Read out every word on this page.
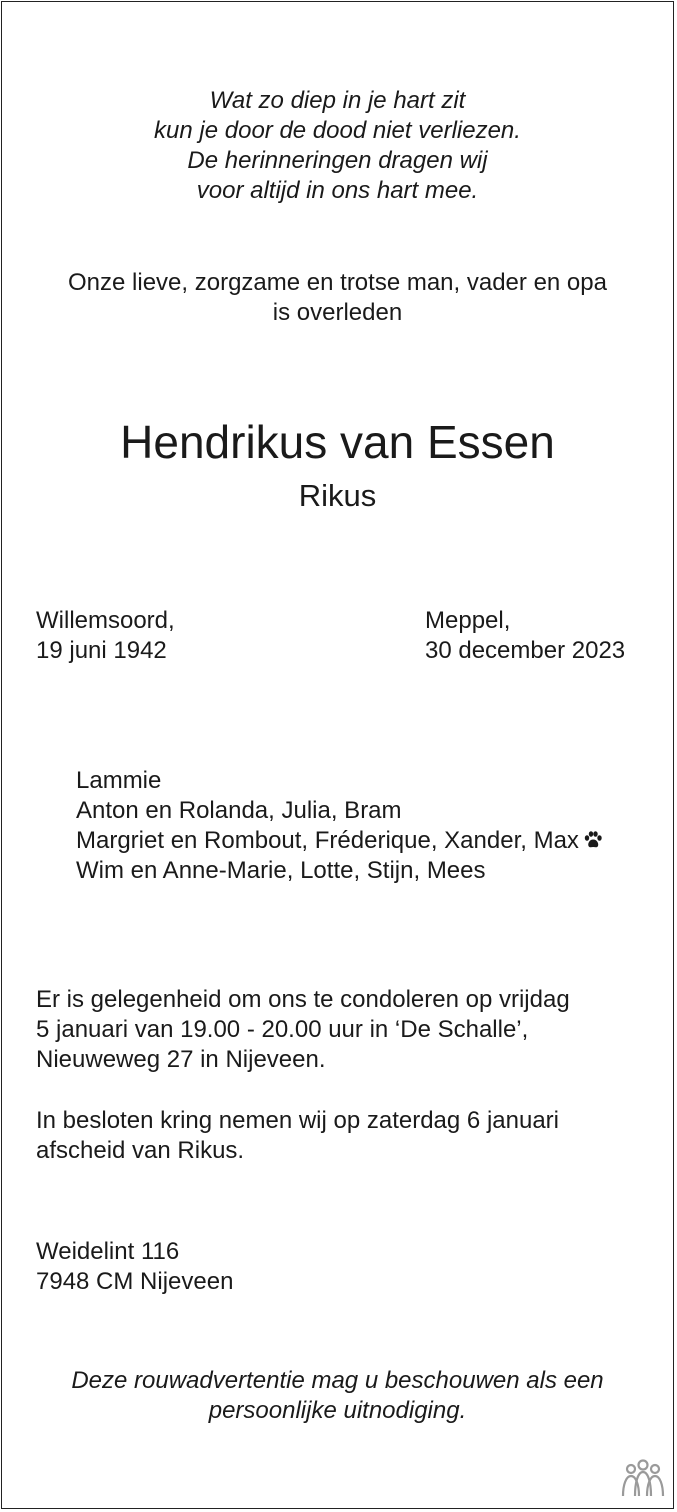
Wat zo diep in je hart zit
kun je door de dood niet verliezen.
De herinneringen dragen wij
voor altijd in ons hart mee.
Onze lieve, zorgzame en trotse man, vader en opa
is overleden
Hendrikus van Essen

Rikus

Willemsoord,
19 juni 1942
Meppel,
30 december 2023
Lammie
Anton en Rolanda, Julia, Bram
Margriet en Rombout, Fréderique, Xander, Max
Wim en Anne-Marie, Lotte, Stijn, Mees
Er is gelegenheid om ons te condoleren op vrijdag
5 januari van 19.00 - 20.00 uur in ‘De Schalle’,
Nieuweweg 27 in Nijeveen.
In besloten kring nemen wij op zaterdag 6 januari
afscheid van Rikus.
Weidelint 116
7948 CM Nijeveen
Deze rouwadvertentie mag u beschouwen als een
persoonlijke uitnodiging.
